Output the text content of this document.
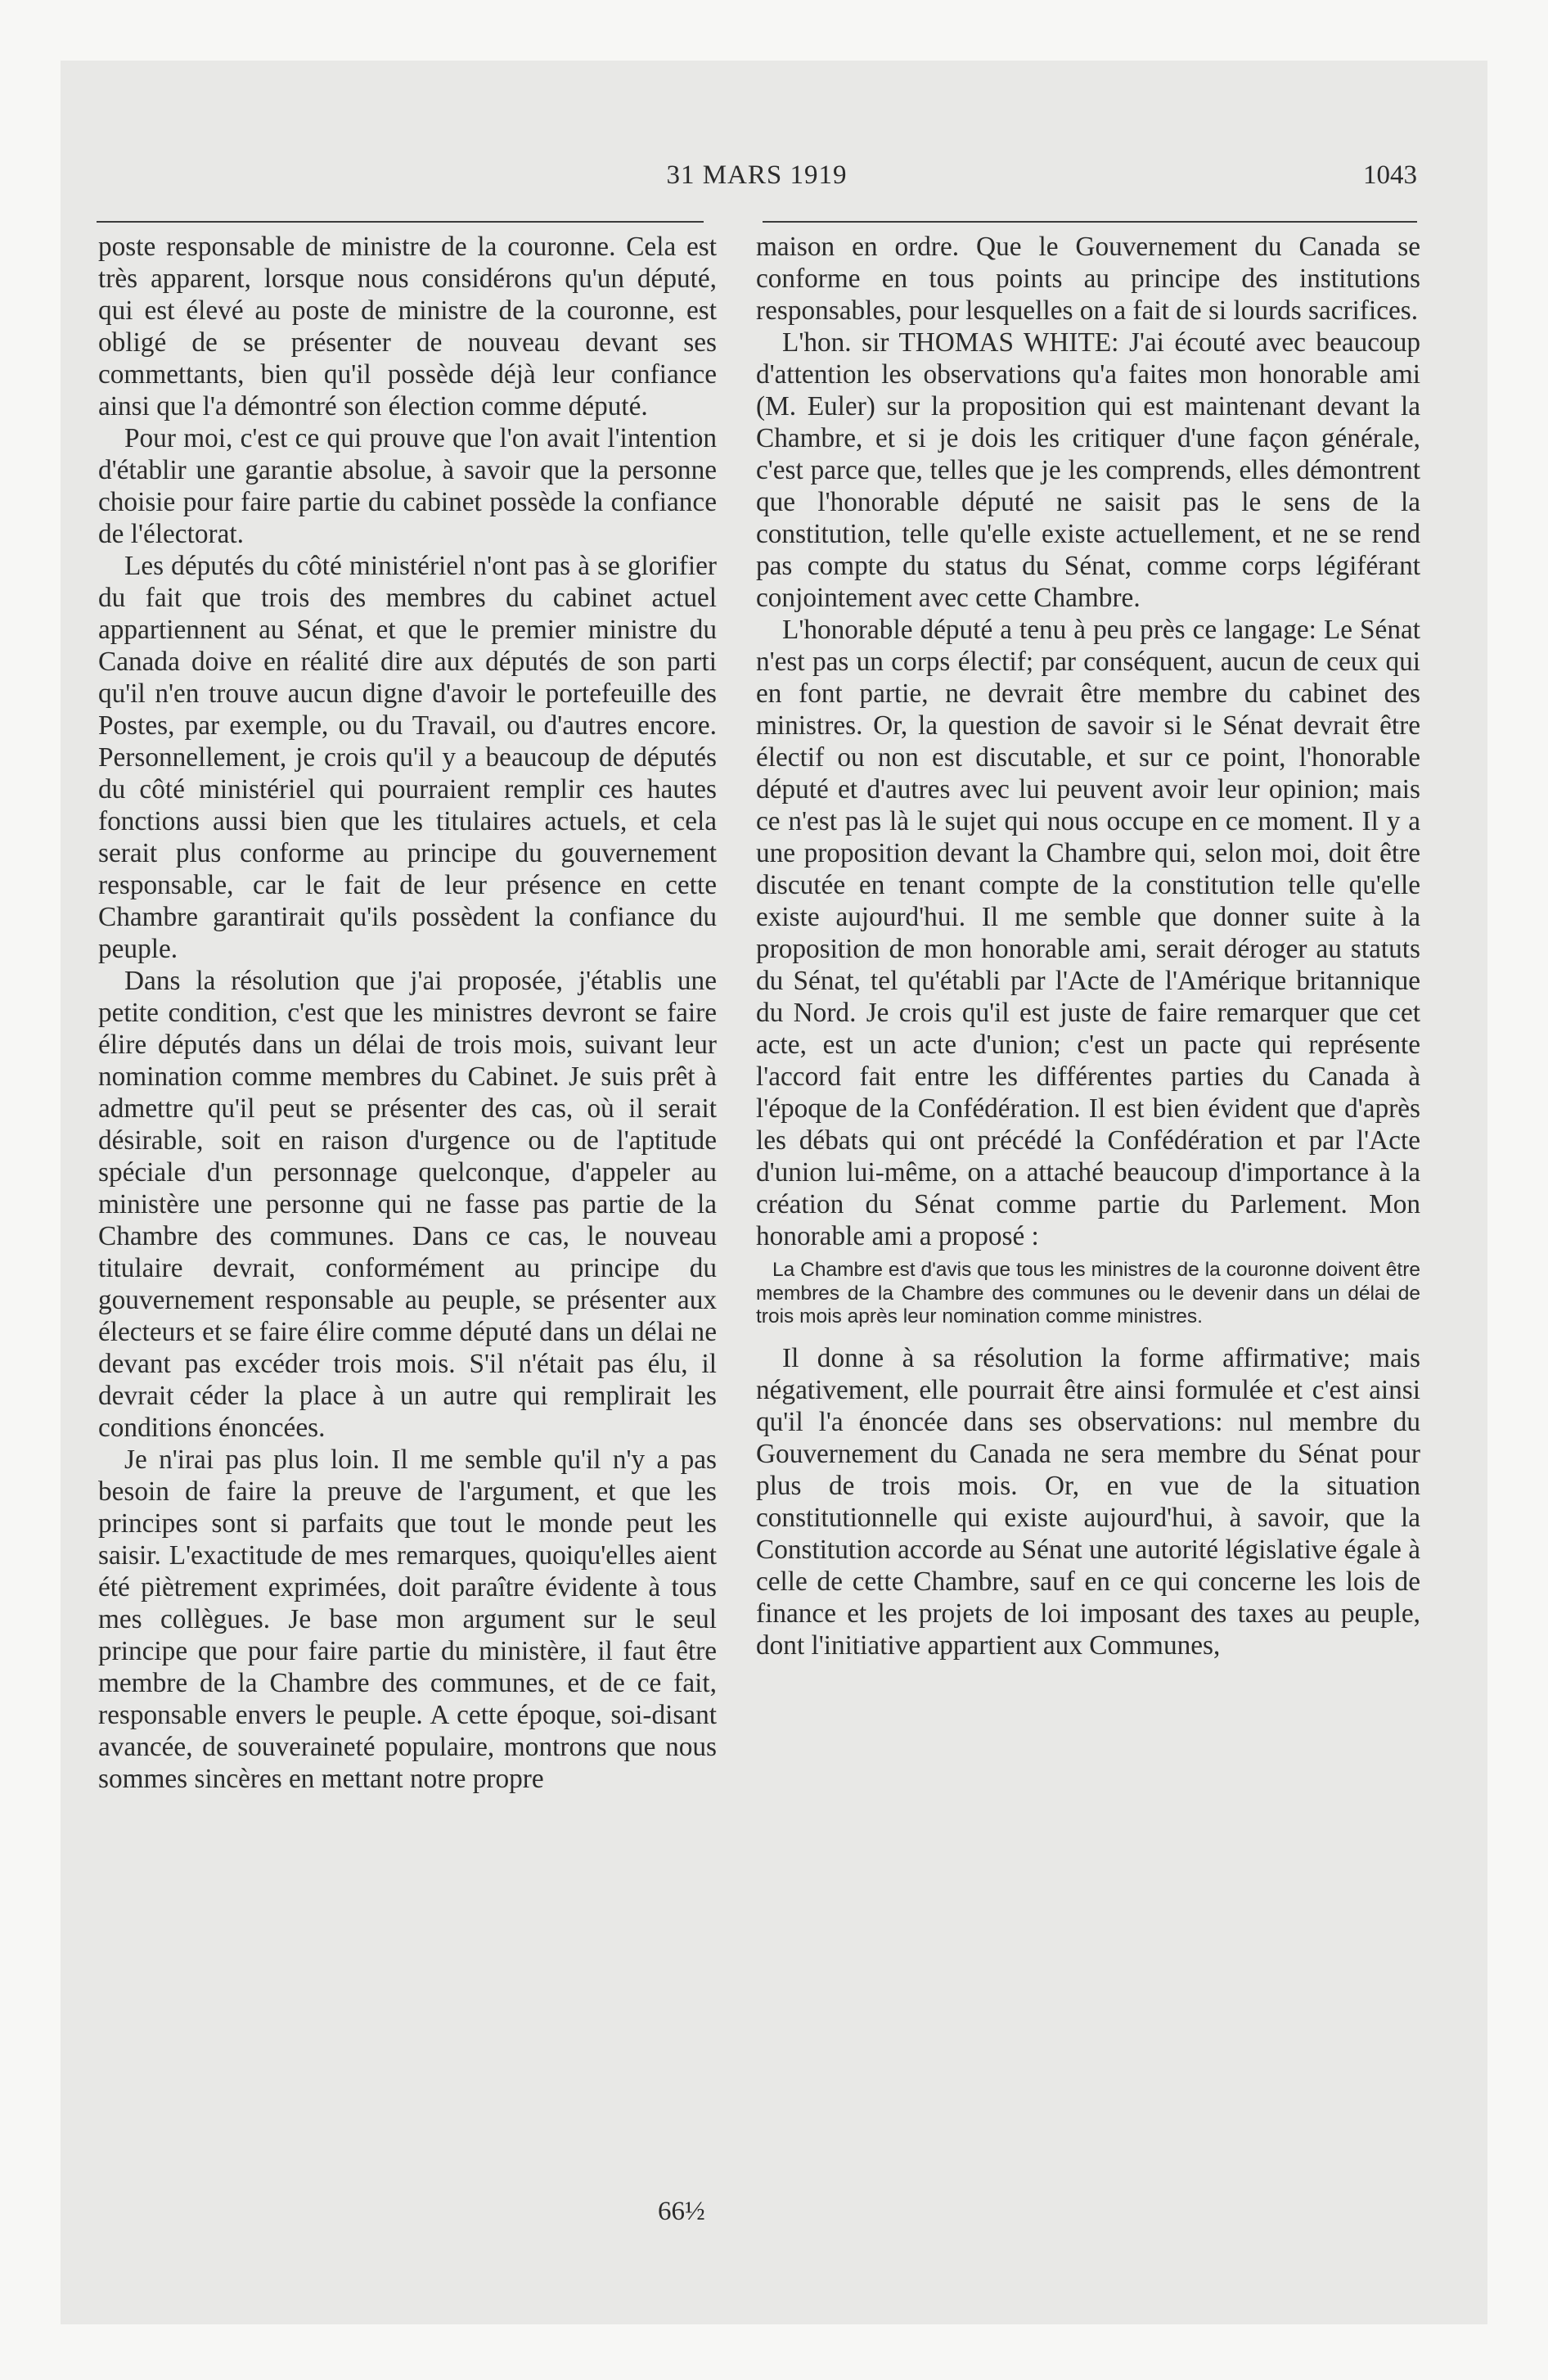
31 MARS 1919	1043

poste responsable de ministre de la couronne. Cela est très apparent, lorsque nous considérons qu'un député, qui est élevé au poste de ministre de la couronne, est obligé de se présenter de nouveau devant ses commettants, bien qu'il possède déjà leur confiance ainsi que l'a démontré son élection comme député.

Pour moi, c'est ce qui prouve que l'on avait l'intention d'établir une garantie absolue, à savoir que la personne choisie pour faire partie du cabinet possède la confiance de l'électorat.

Les députés du côté ministériel n'ont pas à se glorifier du fait que trois des membres du cabinet actuel appartiennent au Sénat, et que le premier ministre du Canada doive en réalité dire aux députés de son parti qu'il n'en trouve aucun digne d'avoir le portefeuille des Postes, par exemple, ou du Travail, ou d'autres encore. Personnellement, je crois qu'il y a beaucoup de députés du côté ministériel qui pourraient remplir ces hautes fonctions aussi bien que les titulaires actuels, et cela serait plus conforme au principe du gouvernement responsable, car le fait de leur présence en cette Chambre garantirait qu'ils possèdent la confiance du peuple.

Dans la résolution que j'ai proposée, j'établis une petite condition, c'est que les ministres devront se faire élire députés dans un délai de trois mois, suivant leur nomination comme membres du Cabinet. Je suis prêt à admettre qu'il peut se présenter des cas, où il serait désirable, soit en raison d'urgence ou de l'aptitude spéciale d'un personnage quelconque, d'appeler au ministère une personne qui ne fasse pas partie de la Chambre des communes. Dans ce cas, le nouveau titulaire devrait, conformément au principe du gouvernement responsable au peuple, se présenter aux électeurs et se faire élire comme député dans un délai ne devant pas excéder trois mois. S'il n'était pas élu, il devrait céder la place à un autre qui remplirait les conditions énoncées.

Je n'irai pas plus loin. Il me semble qu'il n'y a pas besoin de faire la preuve de l'argument, et que les principes sont si parfaits que tout le monde peut les saisir. L'exactitude de mes remarques, quoiqu'elles aient été piètrement exprimées, doit paraître évidente à tous mes collègues. Je base mon argument sur le seul principe que pour faire partie du ministère, il faut être membre de la Chambre des communes, et de ce fait, responsable envers le peuple. A cette époque, soi-disant avancée, de souveraineté populaire, montrons que nous sommes sincères en mettant notre propre

maison en ordre. Que le Gouvernement du Canada se conforme en tous points au principe des institutions responsables, pour lesquelles on a fait de si lourds sacrifices.

L'hon. sir THOMAS WHITE: J'ai écouté avec beaucoup d'attention les observations qu'a faites mon honorable ami (M. Euler) sur la proposition qui est maintenant devant la Chambre, et si je dois les critiquer d'une façon générale, c'est parce que, telles que je les comprends, elles démontrent que l'honorable député ne saisit pas le sens de la constitution, telle qu'elle existe actuellement, et ne se rend pas compte du status du Sénat, comme corps légiférant conjointement avec cette Chambre.

L'honorable député a tenu à peu près ce langage: Le Sénat n'est pas un corps électif; par conséquent, aucun de ceux qui en font partie, ne devrait être membre du cabinet des ministres. Or, la question de savoir si le Sénat devrait être électif ou non est discutable, et sur ce point, l'honorable député et d'autres avec lui peuvent avoir leur opinion; mais ce n'est pas là le sujet qui nous occupe en ce moment. Il y a une proposition devant la Chambre qui, selon moi, doit être discutée en tenant compte de la constitution telle qu'elle existe aujourd'hui. Il me semble que donner suite à la proposition de mon honorable ami, serait déroger au statuts du Sénat, tel qu'établi par l'Acte de l'Amérique britannique du Nord. Je crois qu'il est juste de faire remarquer que cet acte, est un acte d'union; c'est un pacte qui représente l'accord fait entre les différentes parties du Canada à l'époque de la Confédération. Il est bien évident que d'après les débats qui ont précédé la Confédération et par l'Acte d'union lui-même, on a attaché beaucoup d'importance à la création du Sénat comme partie du Parlement. Mon honorable ami a proposé :

La Chambre est d'avis que tous les ministres de la couronne doivent être membres de la Chambre des communes ou le devenir dans un délai de trois mois après leur nomination comme ministres.

Il donne à sa résolution la forme affirmative; mais négativement, elle pourrait être ainsi formulée et c'est ainsi qu'il l'a énoncée dans ses observations: nul membre du Gouvernement du Canada ne sera membre du Sénat pour plus de trois mois. Or, en vue de la situation constitutionnelle qui existe aujourd'hui, à savoir, que la Constitution accorde au Sénat une autorité législative égale à celle de cette Chambre, sauf en ce qui concerne les lois de finance et les projets de loi imposant des taxes au peuple, dont l'initiative appartient aux Communes,

66½
